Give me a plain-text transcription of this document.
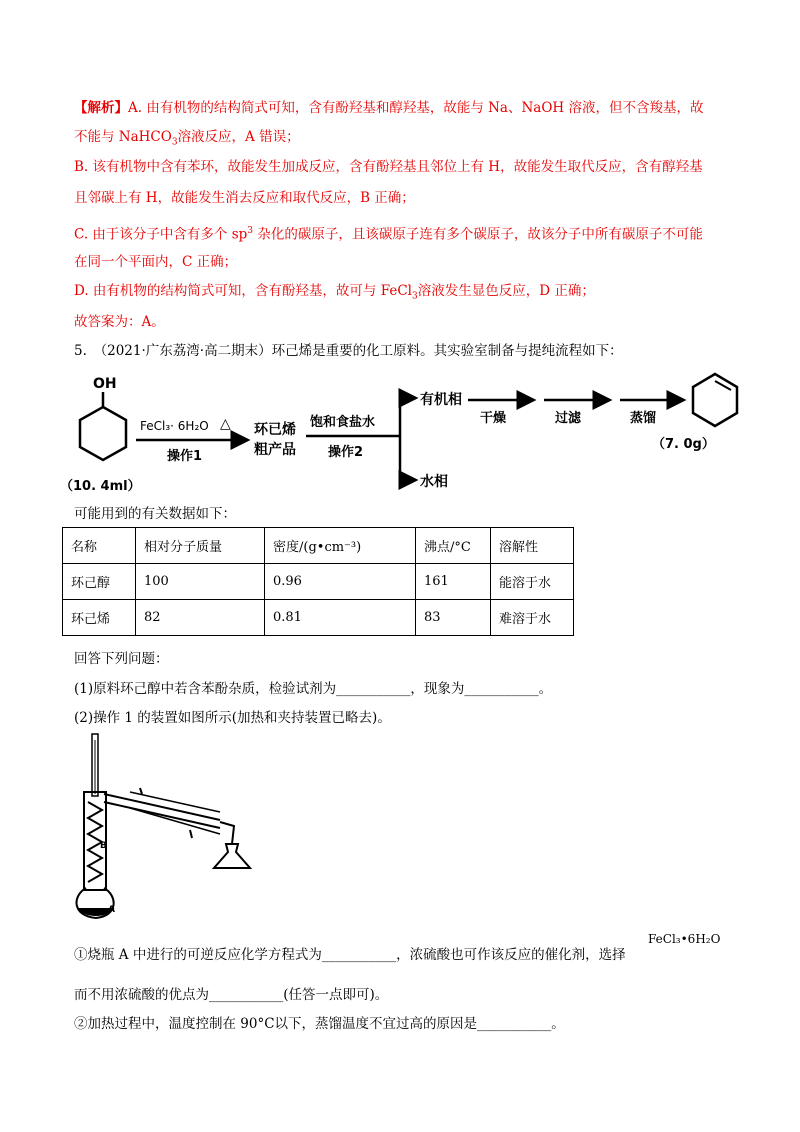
【解析】A. 由有机物的结构简式可知，含有酚羟基和醇羟基，故能与 Na、NaOH 溶液，但不含羧基，故
不能与 NaHCO$_3$溶液反应，A 错误；
B. 该有机物中含有苯环，故能发生加成反应，含有酚羟基且邻位上有 H，故能发生取代反应，含有醇羟基
且邻碳上有 H，故能发生消去反应和取代反应，B 正确；
C. 由于该分子中含有多个 $sp^3$ 杂化的碳原子，且该碳原子连有多个碳原子，故该分子中所有碳原子不可能
在同一个平面内，C 正确；
D. 由有机物的结构简式可知，含有酚羟基，故可与 FeCl$_3$溶液发生显色反应，D 正确；
故答案为：A。
5.　（2021·广东荔湾·高二期末）环己烯是重要的化工原料。其实验室制备与提纯流程如下：
OH
（10. 4ml）
FeCl₃· 6H₂O △
操作1
环已烯
粗产品
饱和食盐水
操作2
有机相
水相
干燥	过滤	蒸馏
（7. 0g）
可能用到的有关数据如下：
名称	相对分子质量	密度/(g•cm⁻³)	沸点/°C	溶解性
环己醇	100	0.96	161	能溶于水
环己烯	82	0.81	83	难溶于水
回答下列问题：
(1)原料环己醇中若含苯酚杂质，检验试剂为___________，现象为___________。
(2)操作 1 的装置如图所示(加热和夹持装置已略去)。
B
A
①烧瓶 A 中进行的可逆反应化学方程式为___________，浓硫酸也可作该反应的催化剂，选择
FeCl₃•6H₂O
而不用浓硫酸的优点为___________(任答一点即可)。
②加热过程中，温度控制在 90°C以下，蒸馏温度不宜过高的原因是___________。
